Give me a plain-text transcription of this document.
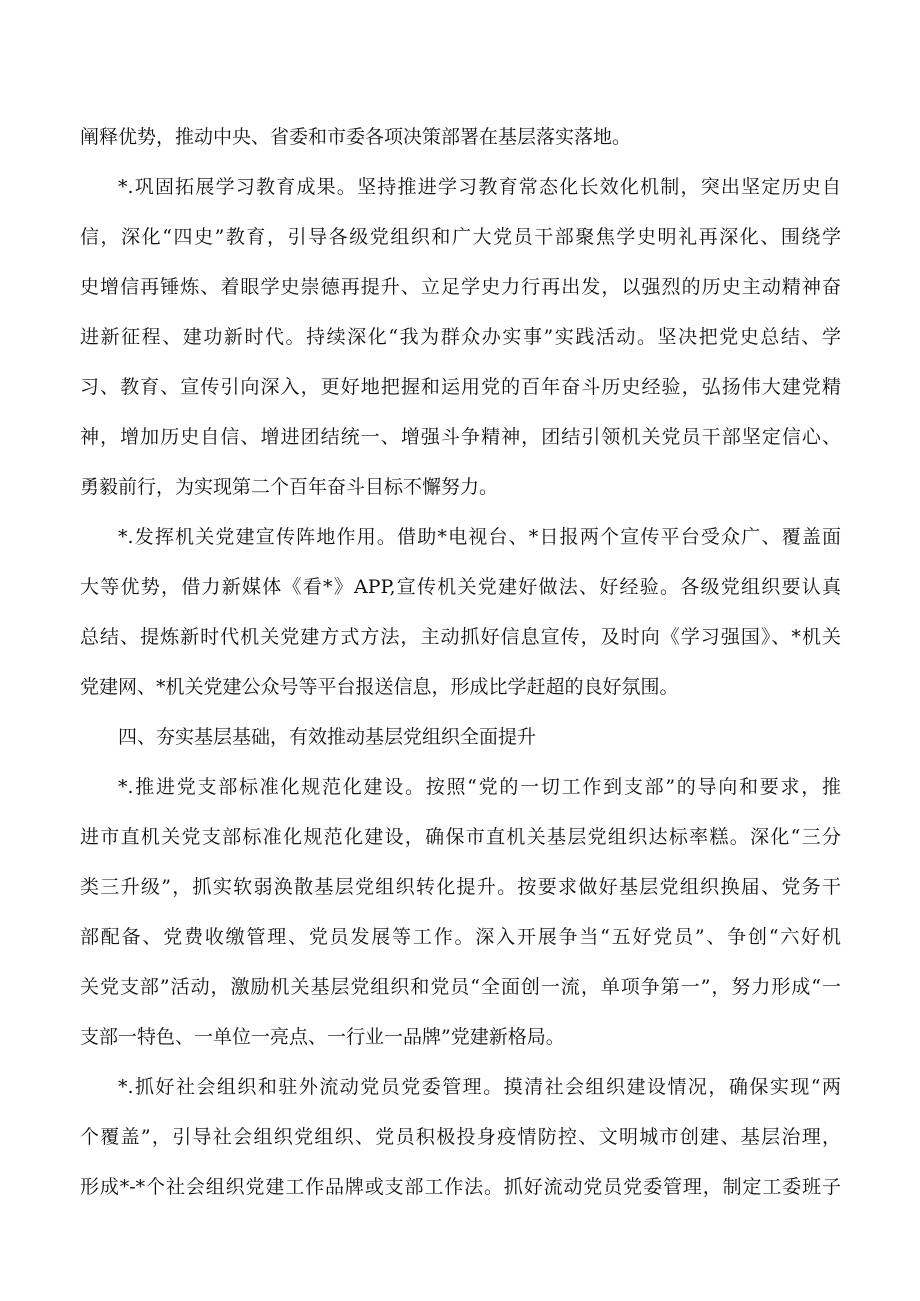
阐释优势，推动中央、省委和市委各项决策部署在基层落实落地。
*.巩固拓展学习教育成果。坚持推进学习教育常态化长效化机制，突出坚定历史自
信，深化“四史”教育，引导各级党组织和广大党员干部聚焦学史明礼再深化、围绕学
史增信再锤炼、着眼学史崇德再提升、立足学史力行再出发，以强烈的历史主动精神奋
进新征程、建功新时代。持续深化“我为群众办实事”实践活动。坚决把党史总结、学
习、教育、宣传引向深入，更好地把握和运用党的百年奋斗历史经验，弘扬伟大建党精
神，增加历史自信、增进团结统一、增强斗争精神，团结引领机关党员干部坚定信心、
勇毅前行，为实现第二个百年奋斗目标不懈努力。
*.发挥机关党建宣传阵地作用。借助*电视台、*日报两个宣传平台受众广、覆盖面
大等优势，借力新媒体《看*》APP,宣传机关党建好做法、好经验。各级党组织要认真
总结、提炼新时代机关党建方式方法，主动抓好信息宣传，及时向《学习强国》、*机关
党建网、*机关党建公众号等平台报送信息，形成比学赶超的良好氛围。
四、夯实基层基础，有效推动基层党组织全面提升
*.推进党支部标准化规范化建设。按照“党的一切工作到支部”的导向和要求，推
进市直机关党支部标准化规范化建设，确保市直机关基层党组织达标率糕。深化“三分
类三升级”，抓实软弱涣散基层党组织转化提升。按要求做好基层党组织换届、党务干
部配备、党费收缴管理、党员发展等工作。深入开展争当“五好党员”、争创“六好机
关党支部”活动，激励机关基层党组织和党员“全面创一流，单项争第一”，努力形成“一
支部一特色、一单位一亮点、一行业一品牌”党建新格局。
*.抓好社会组织和驻外流动党员党委管理。摸清社会组织建设情况，确保实现“两
个覆盖”，引导社会组织党组织、党员积极投身疫情防控、文明城市创建、基层治理，
形成*-*个社会组织党建工作品牌或支部工作法。抓好流动党员党委管理，制定工委班子
